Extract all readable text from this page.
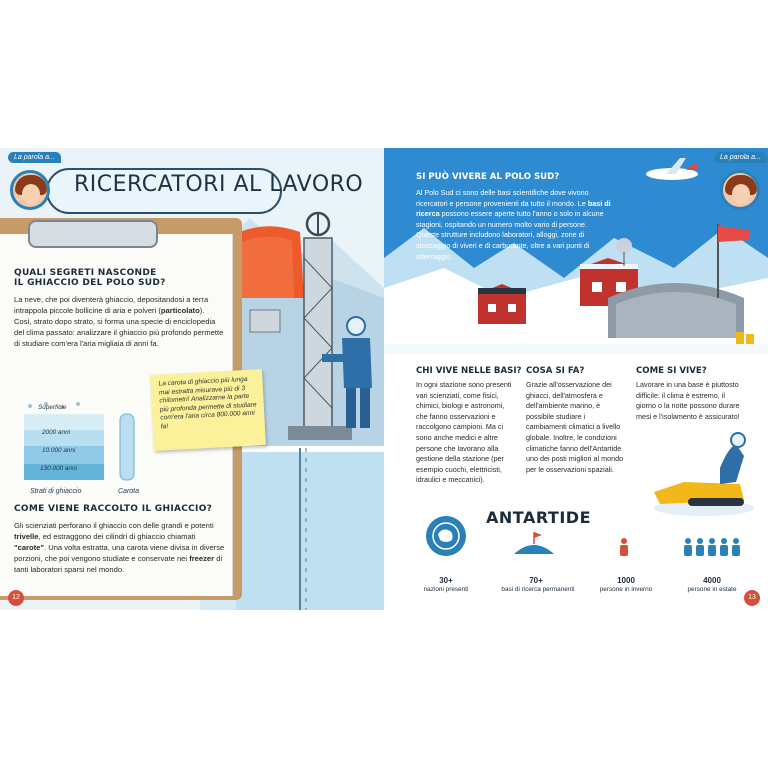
RICERCATORI AL LAVORO
La parola a...
QUALI SEGRETI NASCONDE
IL GHIACCIO DEL POLO SUD?
La neve, che poi diventerà ghiaccio, depositandosi a terra intrappola piccole bollicine di aria e polveri (particolato). Così, strato dopo strato, si forma una specie di enciclopedia del clima passato: analizzare il ghiaccio più profondo permette di studiare com'era l'aria migliaia di anni fa.
Superficie
2000 anni
10.000 anni
130.000 anni
Strati di ghiaccio	Carota
La carota di ghiaccio più lunga mai estratta misurava più di 3 chilometri! Analizzarne la parte più profonda permette di studiare com'era l'aria circa 800.000 anni fa!
COME VIENE RACCOLTO IL GHIACCIO?
Gli scienziati perforano il ghiaccio con delle grandi e potenti trivelle, ed estraggono dei cilindri di ghiaccio chiamati "carote". Una volta estratta, una carota viene divisa in diverse porzioni, che poi vengono studiate e conservate nei freezer di tanti laboratori sparsi nel mondo.
12
La parola a...
SI PUÒ VIVERE AL POLO SUD?
Al Polo Sud ci sono delle basi scientifiche dove vivono ricercatori e persone provenienti da tutto il mondo. Le basi di ricerca possono essere aperte tutto l'anno o solo in alcune stagioni, ospitando un numero molto vario di persone. Queste strutture includono laboratori, alloggi, zone di stoccaggio di viveri e di carburante, oltre a vari punti di atterraggio.
CHI VIVE NELLE BASI?
In ogni stazione sono presenti vari scienziati, come fisici, chimici, biologi e astronomi, che fanno osservazioni e raccolgono campioni. Ma ci sono anche medici e altre persone che lavorano alla gestione della stazione (per esempio cuochi, elettricisti, idraulici e meccanici).
COSA SI FA?
Grazie all'osservazione dei ghiacci, dell'atmosfera e dell'ambiente marino, è possibile studiare i cambiamenti climatici a livello globale. Inoltre, le condizioni climatiche fanno dell'Antartide uno dei posti migliori al mondo per le osservazioni spaziali.
COME SI VIVE?
Lavorare in una base è piuttosto difficile: il clima è estremo, il giorno o la notte possono durare mesi e l'isolamento è assicurato!
ANTARTIDE
30+
nazioni presenti
70+
basi di ricerca permanenti
1000
persone in inverno
4000
persone in estate
13
